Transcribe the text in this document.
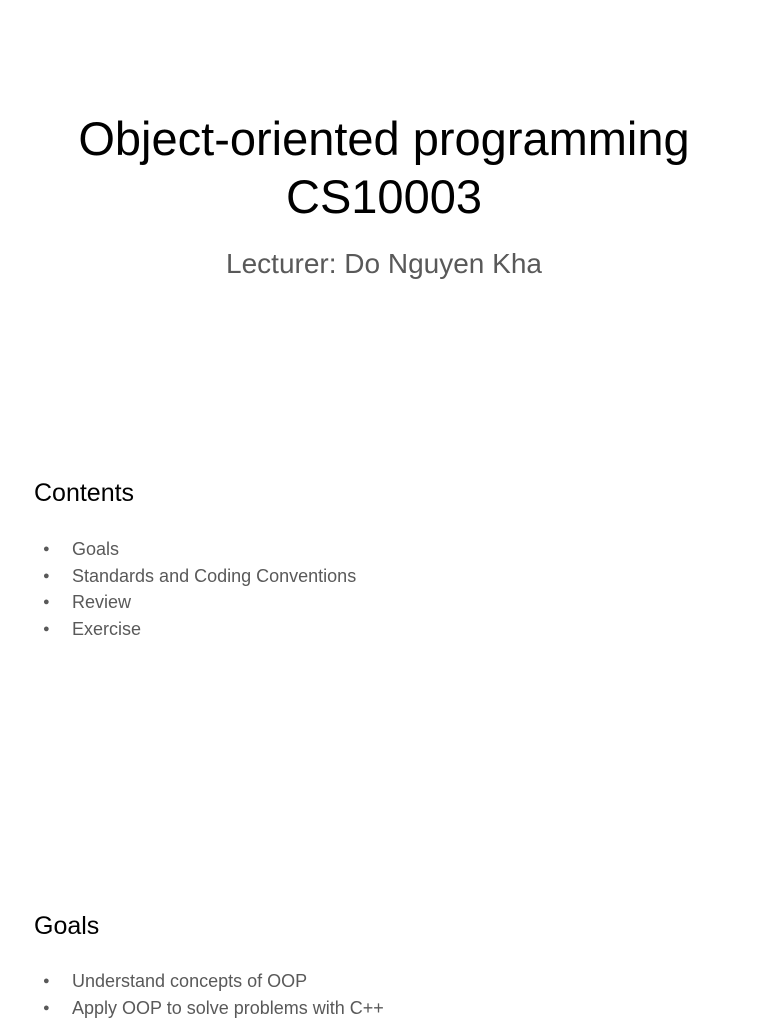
Object-oriented programming
CS10003

Lecturer: Do Nguyen Kha

Contents
● Goals
● Standards and Coding Conventions
● Review
● Exercise
Goals
● Understand concepts of OOP
● Apply OOP to solve problems with C++
